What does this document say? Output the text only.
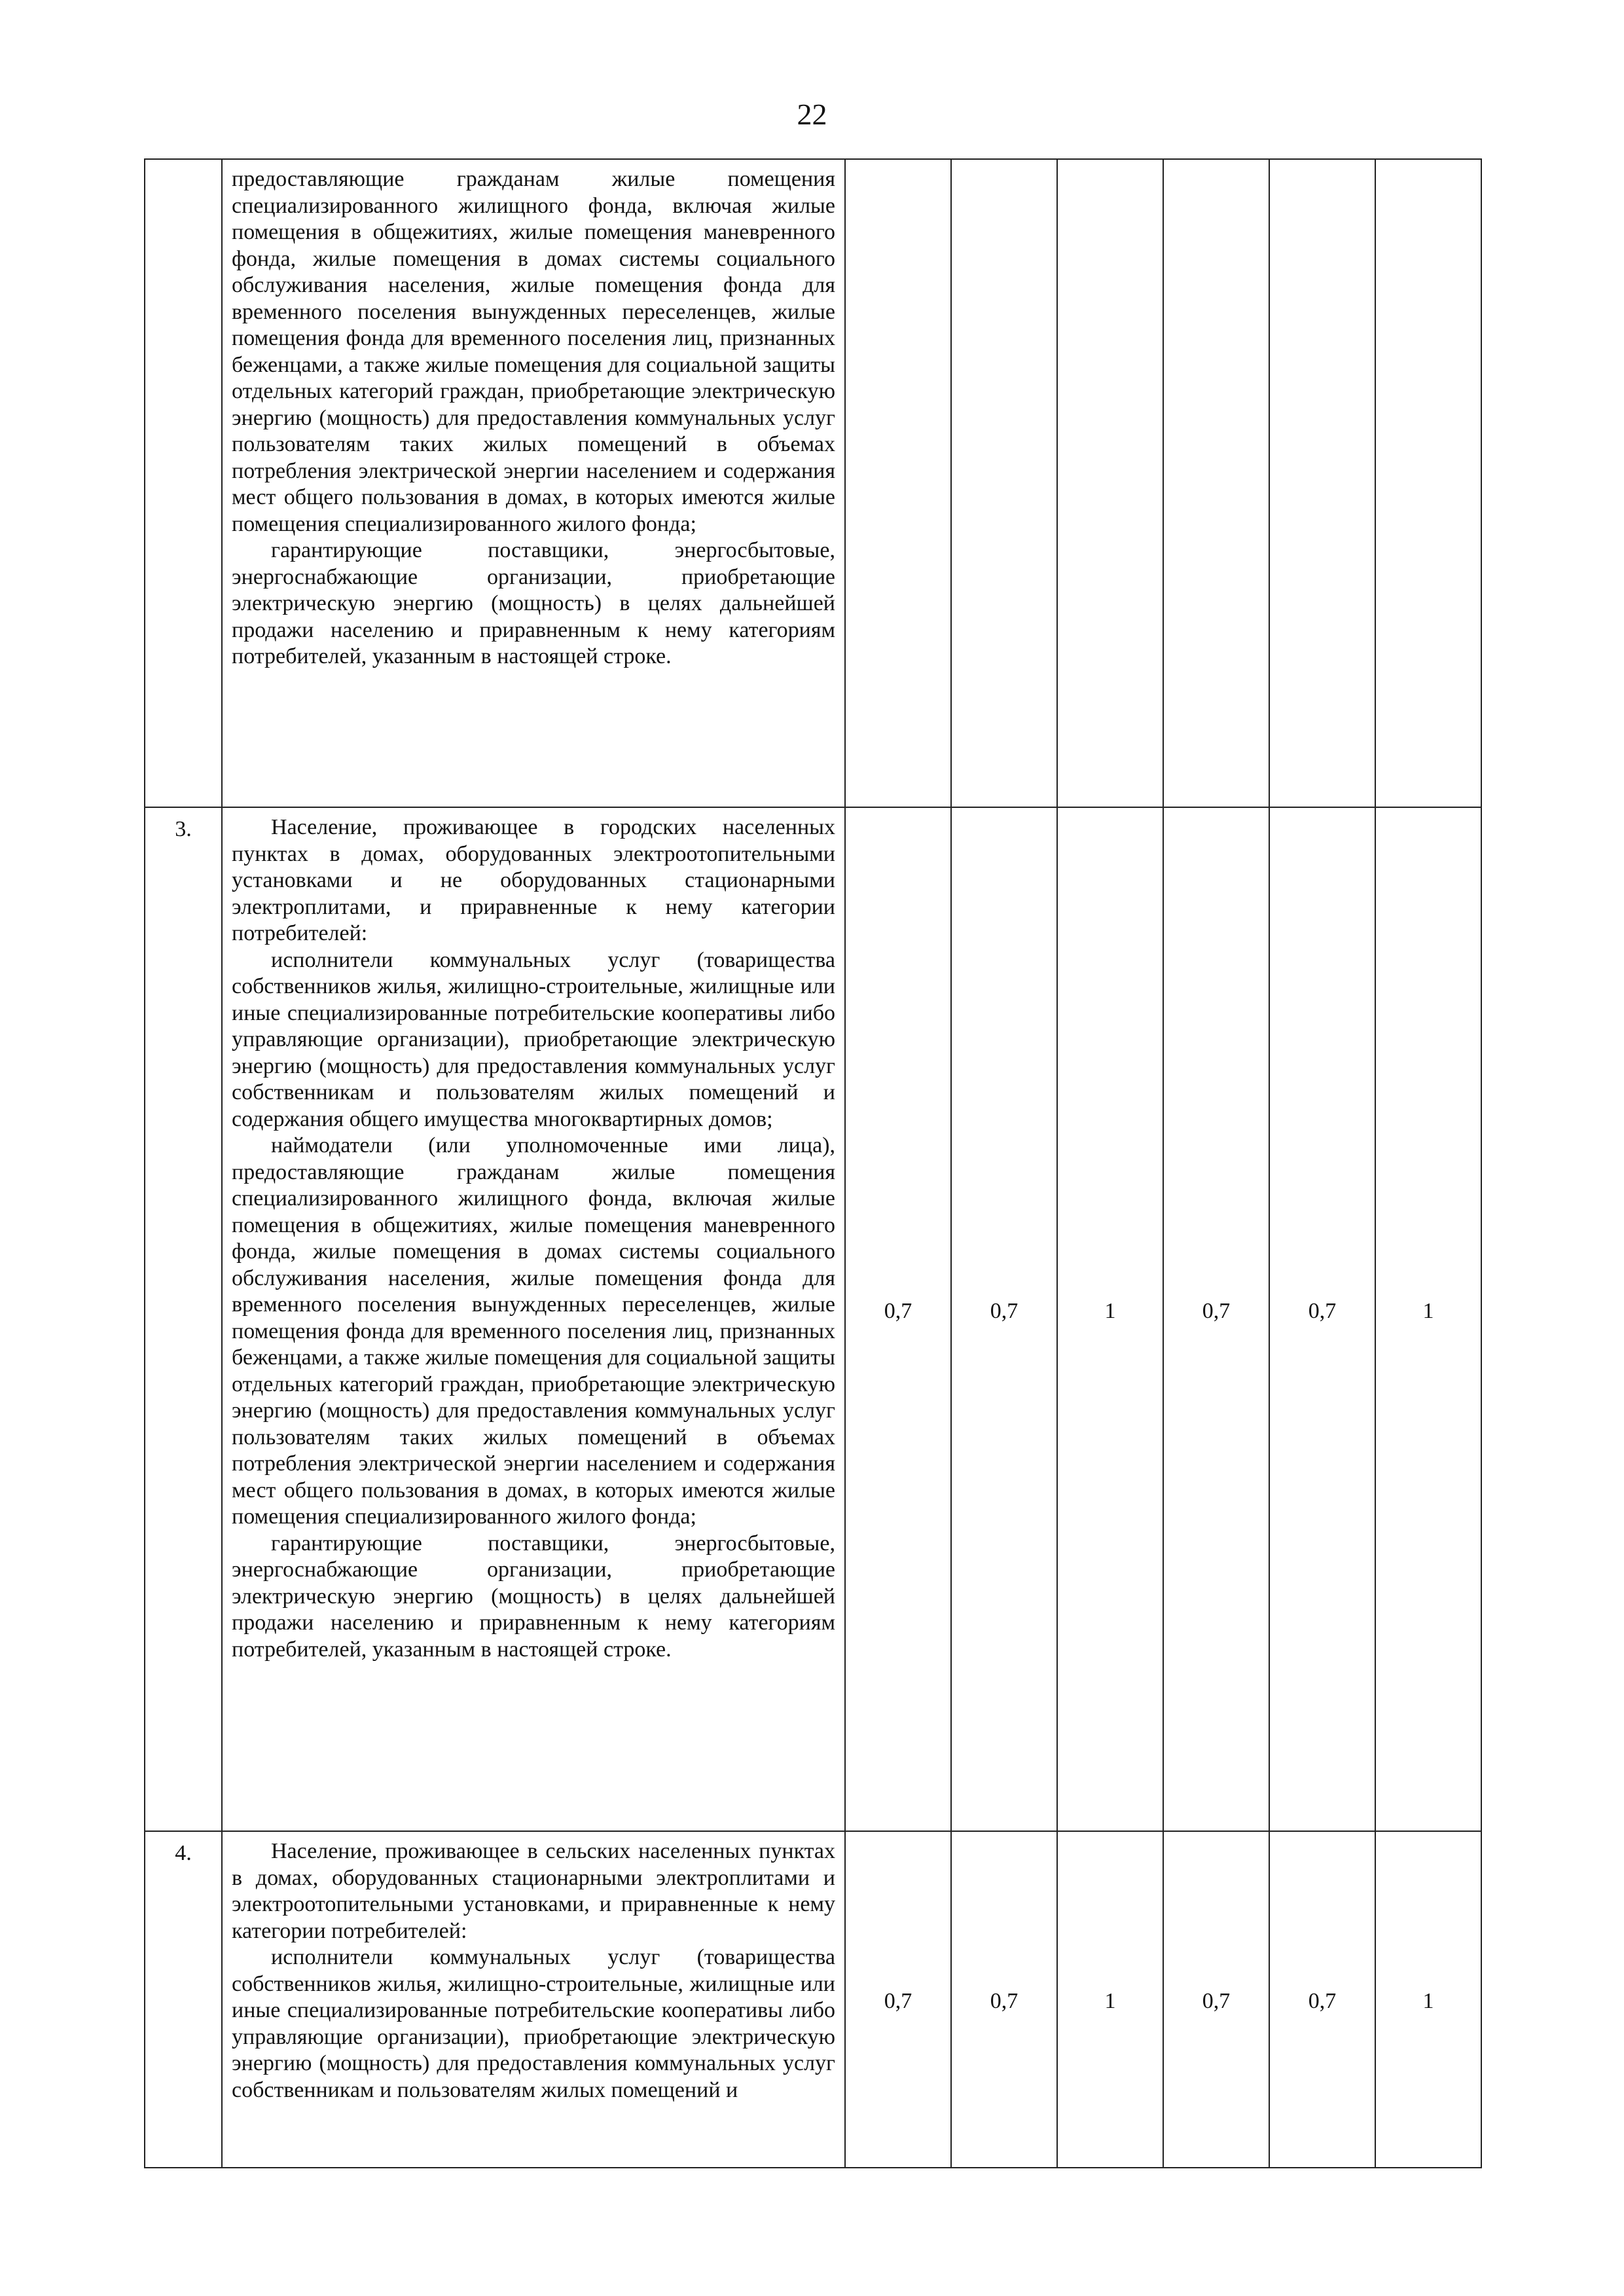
22

	предоставляющие гражданам жилые помещения специализированного жилищного фонда, включая жилые помещения в общежитиях, жилые помещения маневренного фонда, жилые помещения в домах системы социального обслуживания населения, жилые помещения фонда для временного поселения вынужденных переселенцев, жилые помещения фонда для временного поселения лиц, признанных беженцами, а также жилые помещения для социальной защиты отдельных категорий граждан, приобретающие электрическую энергию (мощность) для предоставления коммунальных услуг пользователям таких жилых помещений в объемах потребления электрической энергии населением и содержания мест общего пользования в домах, в которых имеются жилые помещения специализированного жилого фонда;

гарантирующие поставщики, энергосбытовые, энергоснабжающие организации, приобретающие электрическую энергию (мощность) в целях дальнейшей продажи населению и приравненным к нему категориям потребителей, указанным в настоящей строке.						

3.	Население, проживающее в городских населенных пунктах в домах, оборудованных электроотопительными установками и не оборудованных стационарными электроплитами, и приравненные к нему категории потребителей:

исполнители коммунальных услуг (товарищества собственников жилья, жилищно-строительные, жилищные или иные специализированные потребительские кооперативы либо управляющие организации), приобретающие электрическую энергию (мощность) для предоставления коммунальных услуг собственникам и пользователям жилых помещений и содержания общего имущества многоквартирных домов;

наймодатели (или уполномоченные ими лица), предоставляющие гражданам жилые помещения специализированного жилищного фонда, включая жилые помещения в общежитиях, жилые помещения маневренного фонда, жилые помещения в домах системы социального обслуживания населения, жилые помещения фонда для временного поселения вынужденных переселенцев, жилые помещения фонда для временного поселения лиц, признанных беженцами, а также жилые помещения для социальной защиты отдельных категорий граждан, приобретающие электрическую энергию (мощность) для предоставления коммунальных услуг пользователям таких жилых помещений в объемах потребления электрической энергии населением и содержания мест общего пользования в домах, в которых имеются жилые помещения специализированного жилого фонда;

гарантирующие поставщики, энергосбытовые, энергоснабжающие организации, приобретающие электрическую энергию (мощность) в целях дальнейшей продажи населению и приравненным к нему категориям потребителей, указанным в настоящей строке.	0,7	0,7	1	0,7	0,7	1

4.	Население, проживающее в сельских населенных пунктах в домах, оборудованных стационарными электроплитами и электроотопительными установками, и приравненные к нему категории потребителей:

исполнители коммунальных услуг (товарищества собственников жилья, жилищно-строительные, жилищные или иные специализированные потребительские кооперативы либо управляющие организации), приобретающие электрическую энергию (мощность) для предоставления коммунальных услуг собственникам и пользователям жилых помещений и	0,7	0,7	1	0,7	0,7	1
